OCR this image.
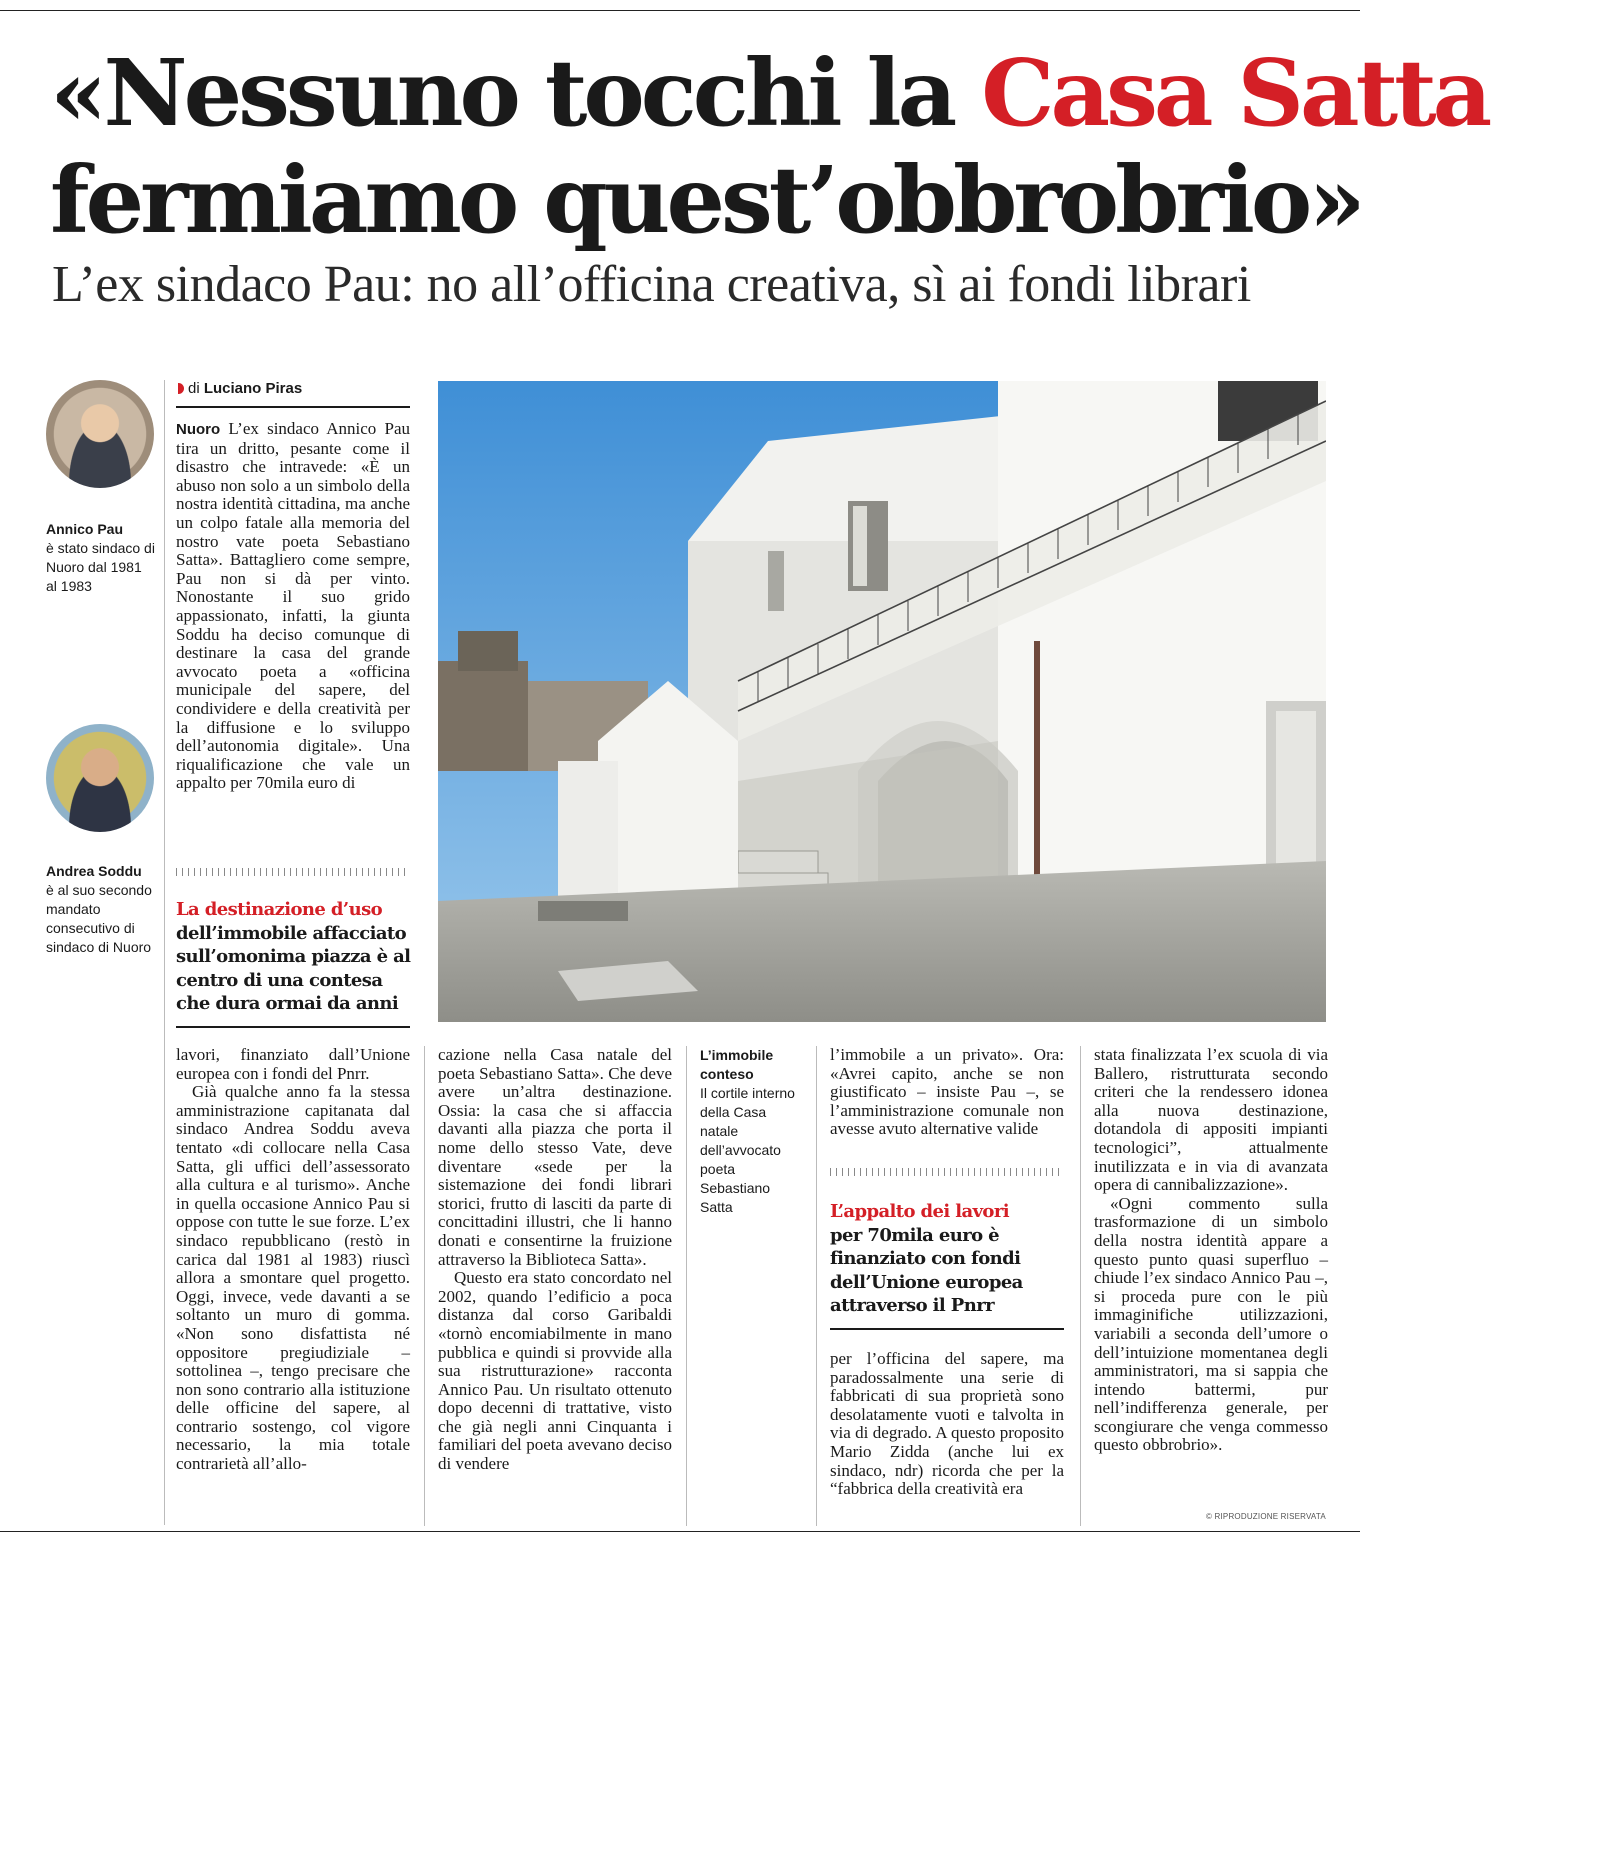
«Nessuno tocchi la Casa Satta
fermiamo quest’obbrobrio»
L’ex sindaco Pau: no all’officina creativa, sì ai fondi librari
Annico Pau
è stato sindaco di Nuoro dal 1981 al 1983
Andrea Soddu
è al suo secondo mandato consecutivo di sindaco di Nuoro
di Luciano Piras

Nuoro L’ex sindaco Annico Pau tira un dritto, pesante come il disastro che intravede: «È un abuso non solo a un simbolo della nostra identità cittadina, ma anche un colpo fatale alla memoria del nostro vate poeta Sebastiano Satta». Battagliero come sempre, Pau non si dà per vinto. Nonostante il suo grido appassionato, infatti, la giunta Soddu ha deciso comunque di destinare la casa del grande avvocato poeta a «officina municipale del sapere, del condividere e della creatività per la diffusione e lo sviluppo dell’autonomia digitale». Una riqualificazione che vale un appalto per 70mila euro di

La destinazione d’uso
dell’immobile affacciato sull’omonima piazza è al centro di una contesa che dura ormai da anni

lavori, finanziato dall’Unione europea con i fondi del Pnrr.

Già qualche anno fa la stessa amministrazione capitanata dal sindaco Andrea Soddu aveva tentato «di collocare nella Casa Satta, gli uffici dell’assessorato alla cultura e al turismo». Anche in quella occasione Annico Pau si oppose con tutte le sue forze. L’ex sindaco repubblicano (restò in carica dal 1981 al 1983) riuscì allora a smontare quel progetto. Oggi, invece, vede davanti a se soltanto un muro di gomma. «Non sono disfattista né oppositore pregiudiziale – sottolinea –, tengo precisare che non sono contrario alla istituzione delle officine del sapere, al contrario sostengo, col vigore necessario, la mia totale contrarietà all’allo-

cazione nella Casa natale del poeta Sebastiano Satta». Che deve avere un’altra destinazione. Ossia: la casa che si affaccia davanti alla piazza che porta il nome dello stesso Vate, deve diventare «sede per la sistemazione dei fondi librari storici, frutto di lasciti da parte di concittadini illustri, che li hanno donati e consentirne la fruizione attraverso la Biblioteca Satta».

Questo era stato concordato nel 2002, quando l’edificio a poca distanza dal corso Garibaldi «tornò encomiabilmente in mano pubblica e quindi si provvide alla sua ristrutturazione» racconta Annico Pau. Un risultato ottenuto dopo decenni di trattative, visto che già negli anni Cinquanta i familiari del poeta avevano deciso di vendere

L’immobile conteso
Il cortile interno della Casa natale dell’avvocato poeta Sebastiano Satta

l’immobile a un privato». Ora: «Avrei capito, anche se non giustificato – insiste Pau –, se l’amministrazione comunale non avesse avuto alternative valide

L’appalto dei lavori
per 70mila euro è finanziato con fondi dell’Unione europea attraverso il Pnrr

per l’officina del sapere, ma paradossalmente una serie di fabbricati di sua proprietà sono desolatamente vuoti e talvolta in via di degrado. A questo proposito Mario Zidda (anche lui ex sindaco, ndr) ricorda che per la “fabbrica della creatività era

stata finalizzata l’ex scuola di via Ballero, ristrutturata secondo criteri che la rendessero idonea alla nuova destinazione, dotandola di appositi impianti tecnologici”, attualmente inutilizzata e in via di avanzata opera di cannibalizzazione».

«Ogni commento sulla trasformazione di un simbolo della nostra identità appare a questo punto quasi superfluo – chiude l’ex sindaco Annico Pau –, si proceda pure con le più immaginifiche utilizzazioni, variabili a seconda dell’umore o dell’intuizione momentanea degli amministratori, ma si sappia che intendo battermi, pur nell’indifferenza generale, per scongiurare che venga commesso questo obbrobrio».

© RIPRODUZIONE RISERVATA
